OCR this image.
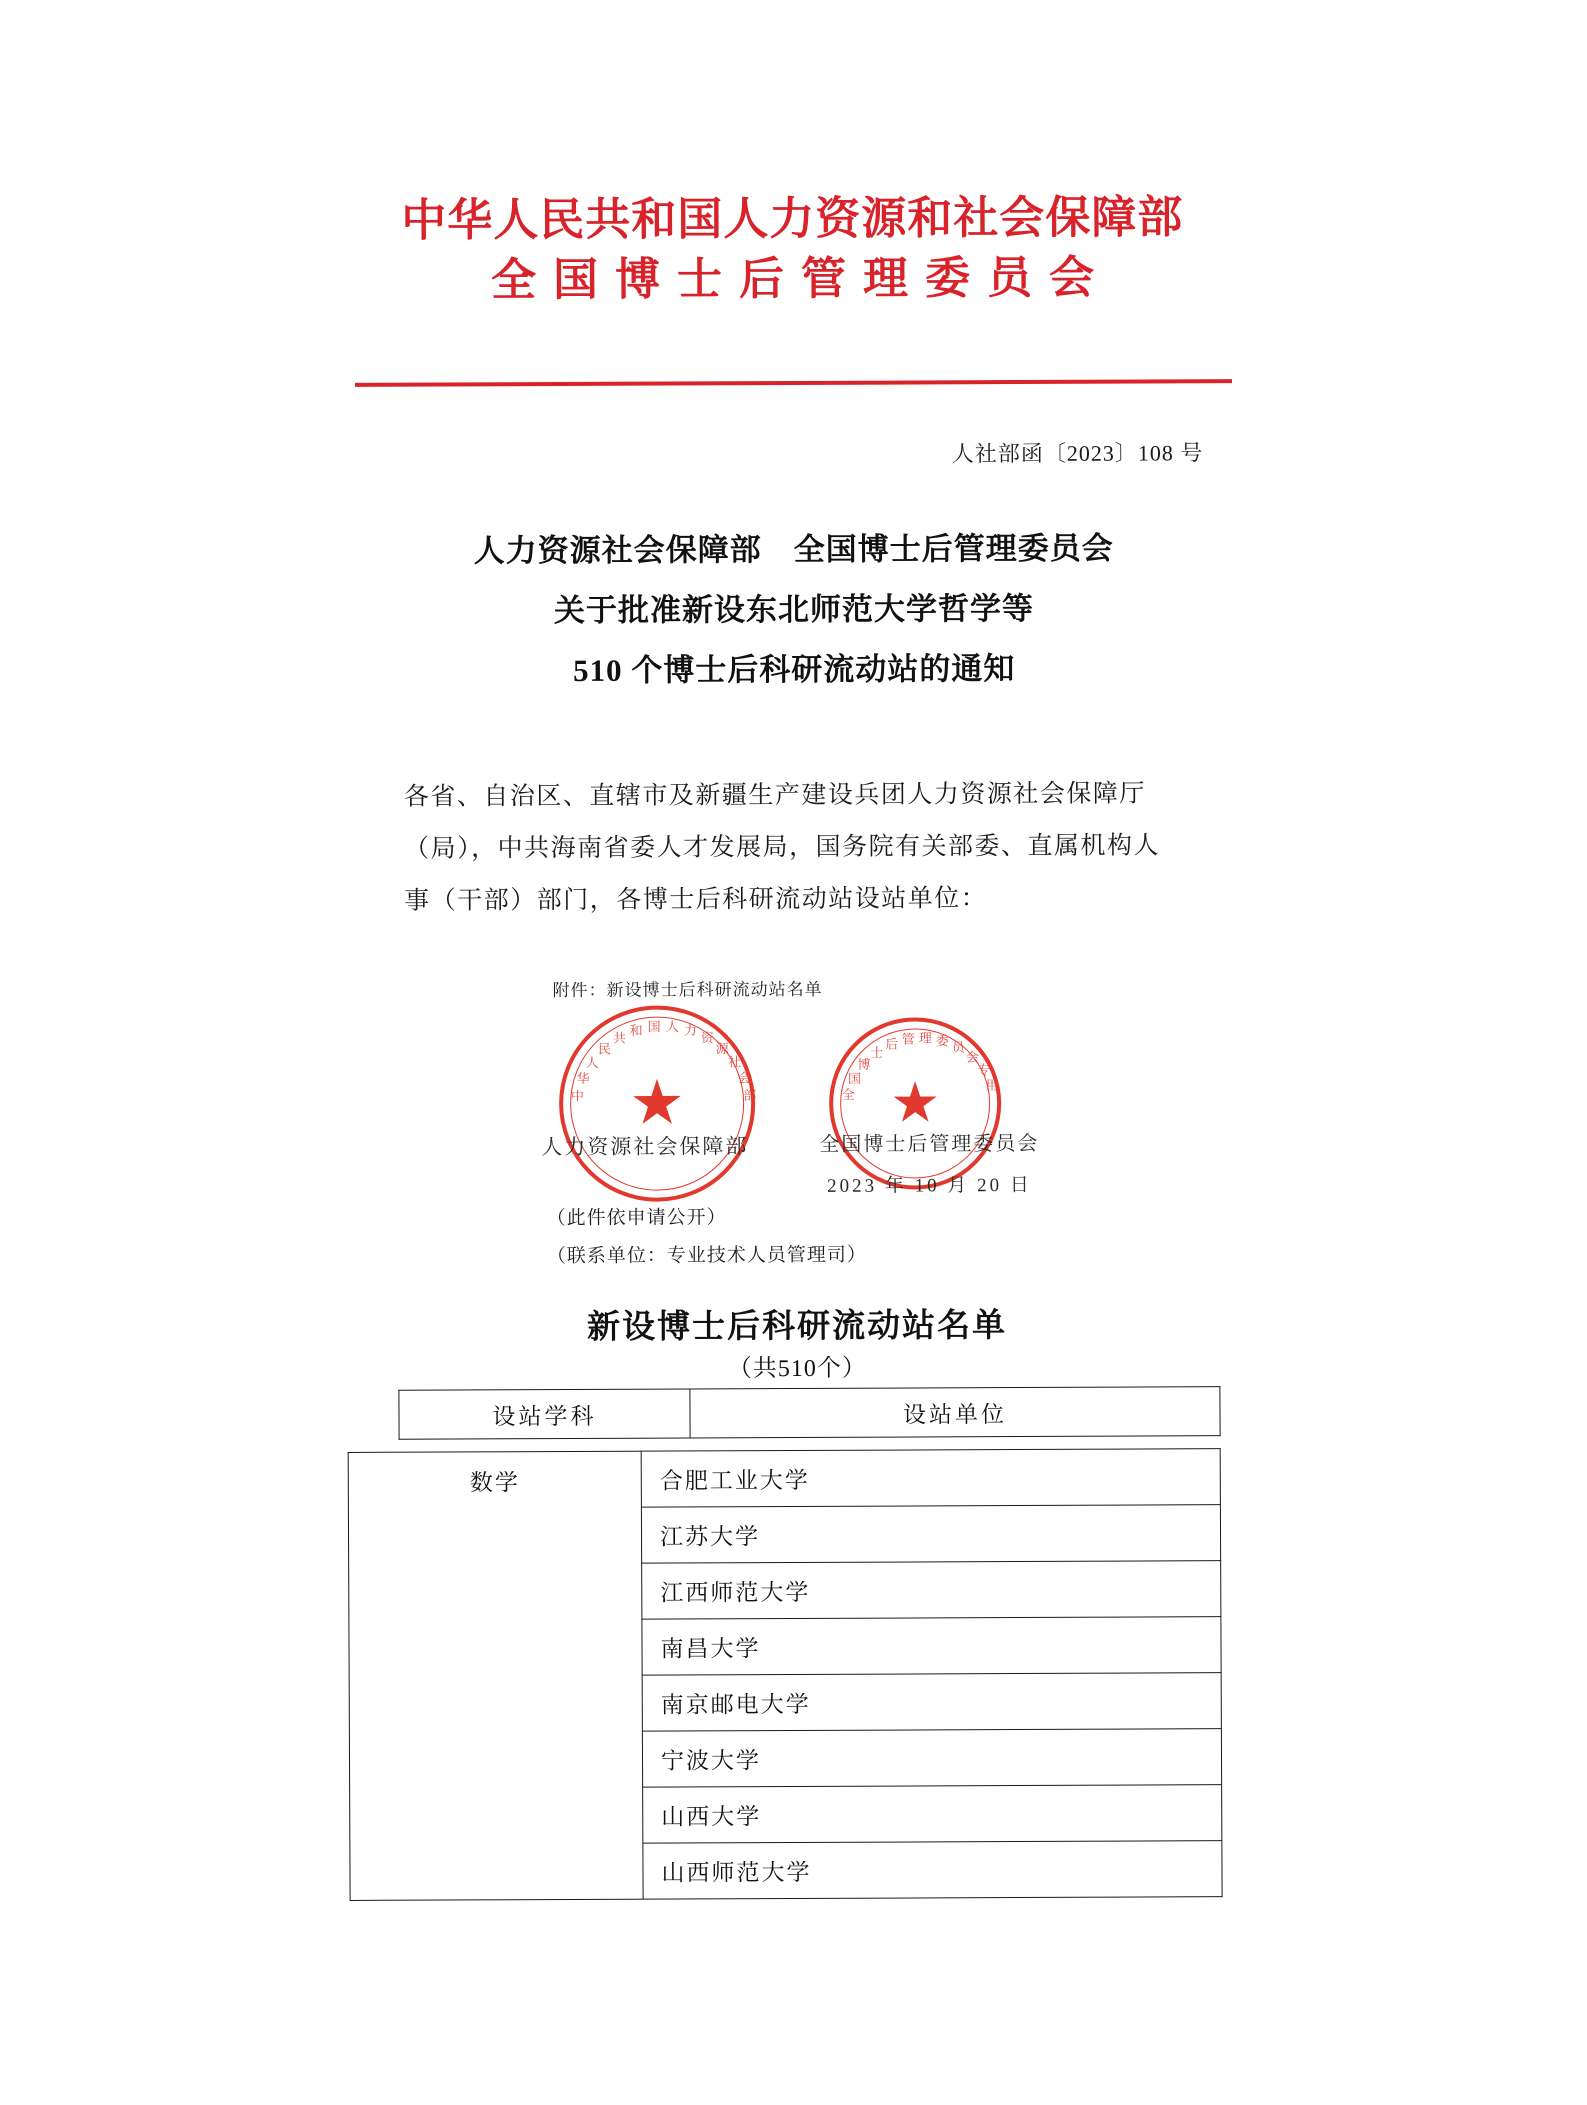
中华人民共和国人力资源和社会保障部
全国博士后管理委员会
人社部函〔2023〕108 号
人力资源社会保障部　全国博士后管理委员会
关于批准新设东北师范大学哲学等
510 个博士后科研流动站的通知
各省、自治区、直辖市及新疆生产建设兵团人力资源社会保障厅
（局），中共海南省委人才发展局，国务院有关部委、直属机构人
事（干部）部门，各博士后科研流动站设站单位：
附件：新设博士后科研流动站名单
★
中
华
人
民
共
和 国 人 力 资
源
社
会
部 ★
全
国
博
士
后 管 理 委 员
会
专
用
人力资源社会保障部	全国博士后管理委员会
2023 年 10 月 20 日
（此件依申请公开）
（联系单位：专业技术人员管理司）
新设博士后科研流动站名单
（共510个）
设站学科	设站单位
数学	合肥工业大学
江苏大学
江西师范大学
南昌大学
南京邮电大学
宁波大学
山西大学
山西师范大学
